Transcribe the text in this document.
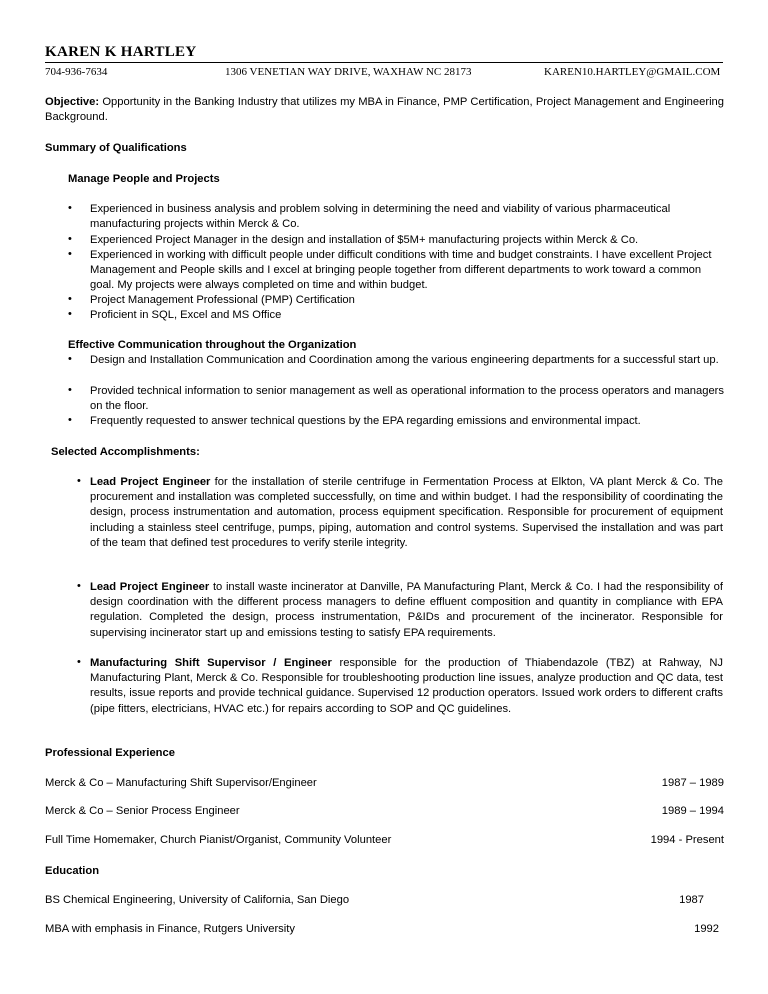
KAREN K HARTLEY
704-936-7634	1306 VENETIAN WAY DRIVE, WAXHAW NC 28173	KAREN10.HARTLEY@GMAIL.COM
Objective: Opportunity in the Banking Industry that utilizes my MBA in Finance, PMP Certification, Project Management and Engineering Background.
Summary of Qualifications
Manage People and Projects
• Experienced in business analysis and problem solving in determining the need and viability of various pharmaceutical manufacturing projects within Merck & Co.
• Experienced Project Manager in the design and installation of $5M+ manufacturing projects within Merck & Co.
• Experienced in working with difficult people under difficult conditions with time and budget constraints. I have excellent Project Management and People skills and I excel at bringing people together from different departments to work toward a common goal. My projects were always completed on time and within budget.
• Project Management Professional (PMP) Certification
• Proficient in SQL, Excel and MS Office
Effective Communication throughout the Organization
• Design and Installation Communication and Coordination among the various engineering departments for a successful start up.
• Provided technical information to senior management as well as operational information to the process operators and managers on the floor.
• Frequently requested to answer technical questions by the EPA regarding emissions and environmental impact.
Selected Accomplishments:
• Lead Project Engineer for the installation of sterile centrifuge in Fermentation Process at Elkton, VA plant Merck & Co. The procurement and installation was completed successfully, on time and within budget. I had the responsibility of coordinating the design, process instrumentation and automation, process equipment specification. Responsible for procurement of equipment including a stainless steel centrifuge, pumps, piping, automation and control systems. Supervised the installation and was part of the team that defined test procedures to verify sterile integrity.
• Lead Project Engineer to install waste incinerator at Danville, PA Manufacturing Plant, Merck & Co. I had the responsibility of design coordination with the different process managers to define effluent composition and quantity in compliance with EPA regulation. Completed the design, process instrumentation, P&IDs and procurement of the incinerator. Responsible for supervising incinerator start up and emissions testing to satisfy EPA requirements.
• Manufacturing Shift Supervisor / Engineer responsible for the production of Thiabendazole (TBZ) at Rahway, NJ Manufacturing Plant, Merck & Co. Responsible for troubleshooting production line issues, analyze production and QC data, test results, issue reports and provide technical guidance. Supervised 12 production operators. Issued work orders to different crafts (pipe fitters, electricians, HVAC etc.) for repairs according to SOP and QC guidelines.
Professional Experience
Merck & Co – Manufacturing Shift Supervisor/Engineer	1987 – 1989
Merck & Co – Senior Process Engineer	1989 – 1994
Full Time Homemaker, Church Pianist/Organist, Community Volunteer	1994 - Present
Education
BS Chemical Engineering, University of California, San Diego	1987
MBA with emphasis in Finance, Rutgers University	1992
